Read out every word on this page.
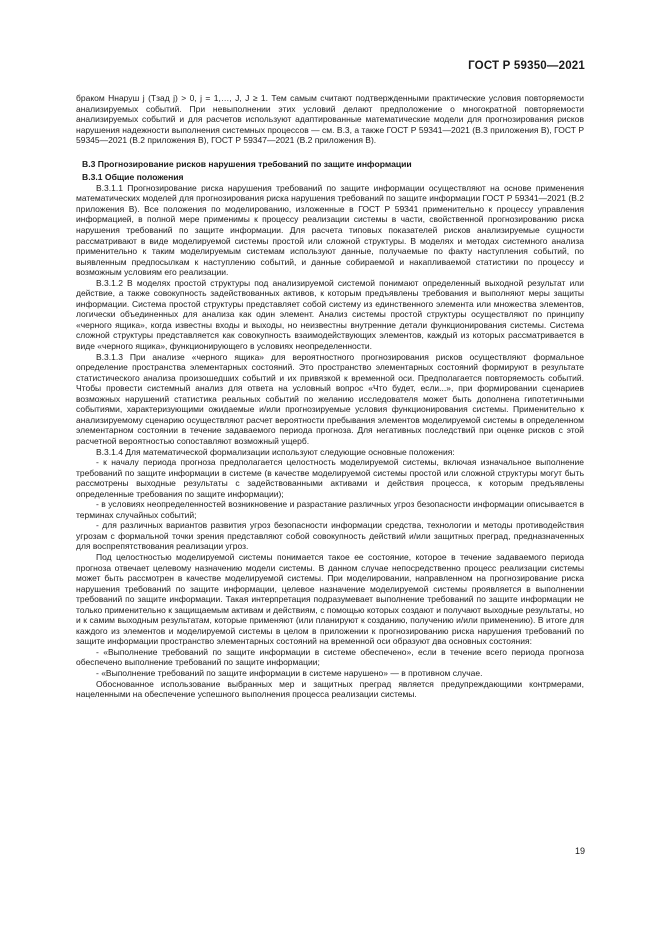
ГОСТ Р 59350—2021

браком Hнаруш j (Tзад j) > 0, j = 1,…, J, J ≥ 1. Тем самым считают подтвержденными практические условия повторяемости анализируемых событий. При невыполнении этих условий делают предположение о многократной повторяемости анализируемых событий и для расчетов используют адаптированные математические модели для прогнозирования рисков нарушения надежности выполнения системных процессов — см. В.3, а также ГОСТ Р 59341—2021 (В.3 приложения В), ГОСТ Р 59345—2021 (В.2 приложения В), ГОСТ Р 59347—2021 (В.2 приложения В).

В.3 Прогнозирование рисков нарушения требований по защите информации

В.3.1 Общие положения

В.3.1.1 Прогнозирование риска нарушения требований по защите информации осуществляют на основе применения математических моделей для прогнозирования риска нарушения требований по защите информации ГОСТ Р 59341—2021 (В.2 приложения В). Все положения по моделированию, изложенные в ГОСТ Р 59341 применительно к процессу управления информацией, в полной мере применимы к процессу реализации системы в части, свойственной прогнозированию риска нарушения требований по защите информации. Для расчета типовых показателей рисков анализируемые сущности рассматривают в виде моделируемой системы простой или сложной структуры. В моделях и методах системного анализа применительно к таким моделируемым системам используют данные, получаемые по факту наступления событий, по выявленным предпосылкам к наступлению событий, и данные собираемой и накапливаемой статистики по процессу и возможным условиям его реализации.

В.3.1.2 В моделях простой структуры под анализируемой системой понимают определенный выходной результат или действие, а также совокупность задействованных активов, к которым предъявлены требования и выполняют меры защиты информации. Система простой структуры представляет собой систему из единственного элемента или множества элементов, логически объединенных для анализа как один элемент. Анализ системы простой структуры осуществляют по принципу «черного ящика», когда известны входы и выходы, но неизвестны внутренние детали функционирования системы. Система сложной структуры представляется как совокупность взаимодействующих элементов, каждый из которых рассматривается в виде «черного ящика», функционирующего в условиях неопределенности.

В.3.1.3 При анализе «черного ящика» для вероятностного прогнозирования рисков осуществляют формальное определение пространства элементарных состояний. Это пространство элементарных состояний формируют в результате статистического анализа произошедших событий и их привязкой к временной оси. Предполагается повторяемость событий. Чтобы провести системный анализ для ответа на условный вопрос «Что будет, если...», при формировании сценариев возможных нарушений статистика реальных событий по желанию исследователя может быть дополнена гипотетичными событиями, характеризующими ожидаемые и/или прогнозируемые условия функционирования системы. Применительно к анализируемому сценарию осуществляют расчет вероятности пребывания элементов моделируемой системы в определенном элементарном состоянии в течение задаваемого периода прогноза. Для негативных последствий при оценке рисков с этой расчетной вероятностью сопоставляют возможный ущерб.

В.3.1.4 Для математической формализации используют следующие основные положения:

- к началу периода прогноза предполагается целостность моделируемой системы, включая изначальное выполнение требований по защите информации в системе (в качестве моделируемой системы простой или сложной структуры могут быть рассмотрены выходные результаты с задействованными активами и действия процесса, к которым предъявлены определенные требования по защите информации);

- в условиях неопределенностей возникновение и разрастание различных угроз безопасности информации описывается в терминах случайных событий;

- для различных вариантов развития угроз безопасности информации средства, технологии и методы противодействия угрозам с формальной точки зрения представляют собой совокупность действий и/или защитных преград, предназначенных для воспрепятствования реализации угроз.

Под целостностью моделируемой системы понимается такое ее состояние, которое в течение задаваемого периода прогноза отвечает целевому назначению модели системы. В данном случае непосредственно процесс реализации системы может быть рассмотрен в качестве моделируемой системы. При моделировании, направленном на прогнозирование риска нарушения требований по защите информации, целевое назначение моделируемой системы проявляется в выполнении требований по защите информации. Такая интерпретация подразумевает выполнение требований по защите информации не только применительно к защищаемым активам и действиям, с помощью которых создают и получают выходные результаты, но и к самим выходным результатам, которые применяют (или планируют к созданию, получению и/или применению). В итоге для каждого из элементов и моделируемой системы в целом в приложении к прогнозированию риска нарушения требований по защите информации пространство элементарных состояний на временной оси образуют два основных состояния:

- «Выполнение требований по защите информации в системе обеспечено», если в течение всего периода прогноза обеспечено выполнение требований по защите информации;

- «Выполнение требований по защите информации в системе нарушено» — в противном случае.

Обоснованное использование выбранных мер и защитных преград является предупреждающими контрмерами, нацеленными на обеспечение успешного выполнения процесса реализации системы.

19
